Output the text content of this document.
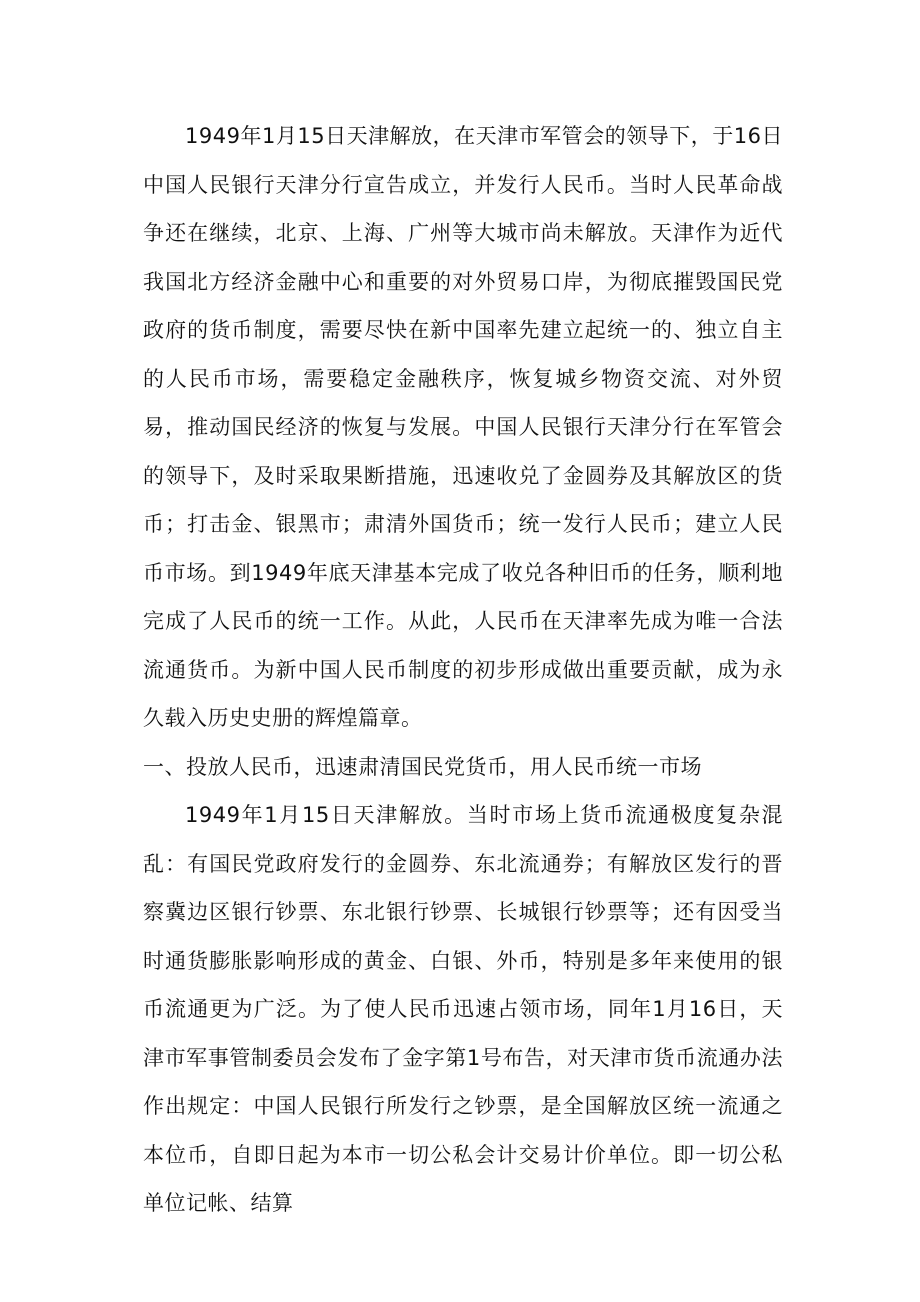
1949年1月15日天津解放，在天津市军管会的领导下，于16日中国人民银行天津分行宣告成立，并发行人民币。当时人民革命战争还在继续，北京、上海、广州等大城市尚未解放。天津作为近代我国北方经济金融中心和重要的对外贸易口岸，为彻底摧毁国民党政府的货币制度，需要尽快在新中国率先建立起统一的、独立自主的人民币市场，需要稳定金融秩序，恢复城乡物资交流、对外贸易，推动国民经济的恢复与发展。中国人民银行天津分行在军管会的领导下，及时采取果断措施，迅速收兑了金圆券及其解放区的货币；打击金、银黑市；肃清外国货币；统一发行人民币；建立人民币市场。到1949年底天津基本完成了收兑各种旧币的任务，顺利地完成了人民币的统一工作。从此，人民币在天津率先成为唯一合法流通货币。为新中国人民币制度的初步形成做出重要贡献，成为永久载入历史史册的辉煌篇章。

一、投放人民币，迅速肃清国民党货币，用人民币统一市场

1949年1月15日天津解放。当时市场上货币流通极度复杂混乱：有国民党政府发行的金圆券、东北流通券；有解放区发行的晋察冀边区银行钞票、东北银行钞票、长城银行钞票等；还有因受当时通货膨胀影响形成的黄金、白银、外币，特别是多年来使用的银币流通更为广泛。为了使人民币迅速占领市场，同年1月16日，天津市军事管制委员会发布了金字第1号布告，对天津市货币流通办法作出规定：中国人民银行所发行之钞票，是全国解放区统一流通之本位币，自即日起为本市一切公私会计交易计价单位。即一切公私单位记帐、结算
